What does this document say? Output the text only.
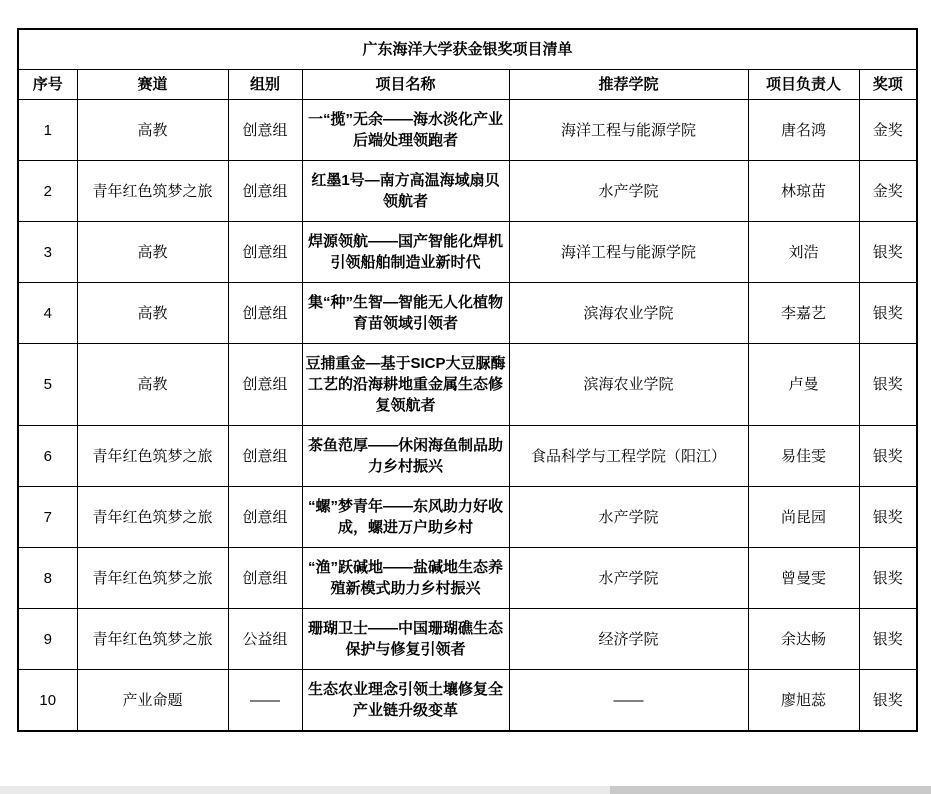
广东海洋大学获金银奖项目清单						
序号	赛道	组别	项目名称	推荐学院	项目负责人	奖项
1	高教	创意组	一“揽”无余——海水淡化产业后端处理领跑者	海洋工程与能源学院	唐名鸿	金奖
2	青年红色筑梦之旅	创意组	红墨1号—南方高温海域扇贝领航者	水产学院	林琼苗	金奖
3	高教	创意组	焊源领航——国产智能化焊机引领船舶制造业新时代	海洋工程与能源学院	刘浩	银奖
4	高教	创意组	集“种”生智—智能无人化植物育苗领域引领者	滨海农业学院	李嘉艺	银奖
5	高教	创意组	豆捕重金—基于SICP大豆脲酶工艺的沿海耕地重金属生态修复领航者	滨海农业学院	卢曼	银奖
6	青年红色筑梦之旅	创意组	茶鱼范厚——休闲海鱼制品助力乡村振兴	食品科学与工程学院（阳江）	易佳雯	银奖
7	青年红色筑梦之旅	创意组	“螺”梦青年——东风助力好收成，螺进万户助乡村	水产学院	尚昆园	银奖
8	青年红色筑梦之旅	创意组	“渔”跃碱地——盐碱地生态养殖新模式助力乡村振兴	水产学院	曾曼雯	银奖
9	青年红色筑梦之旅	公益组	珊瑚卫士——中国珊瑚礁生态保护与修复引领者	经济学院	余达畅	银奖
10	产业命题	——	生态农业理念引领土壤修复全产业链升级变革	——	廖旭蕊	银奖
